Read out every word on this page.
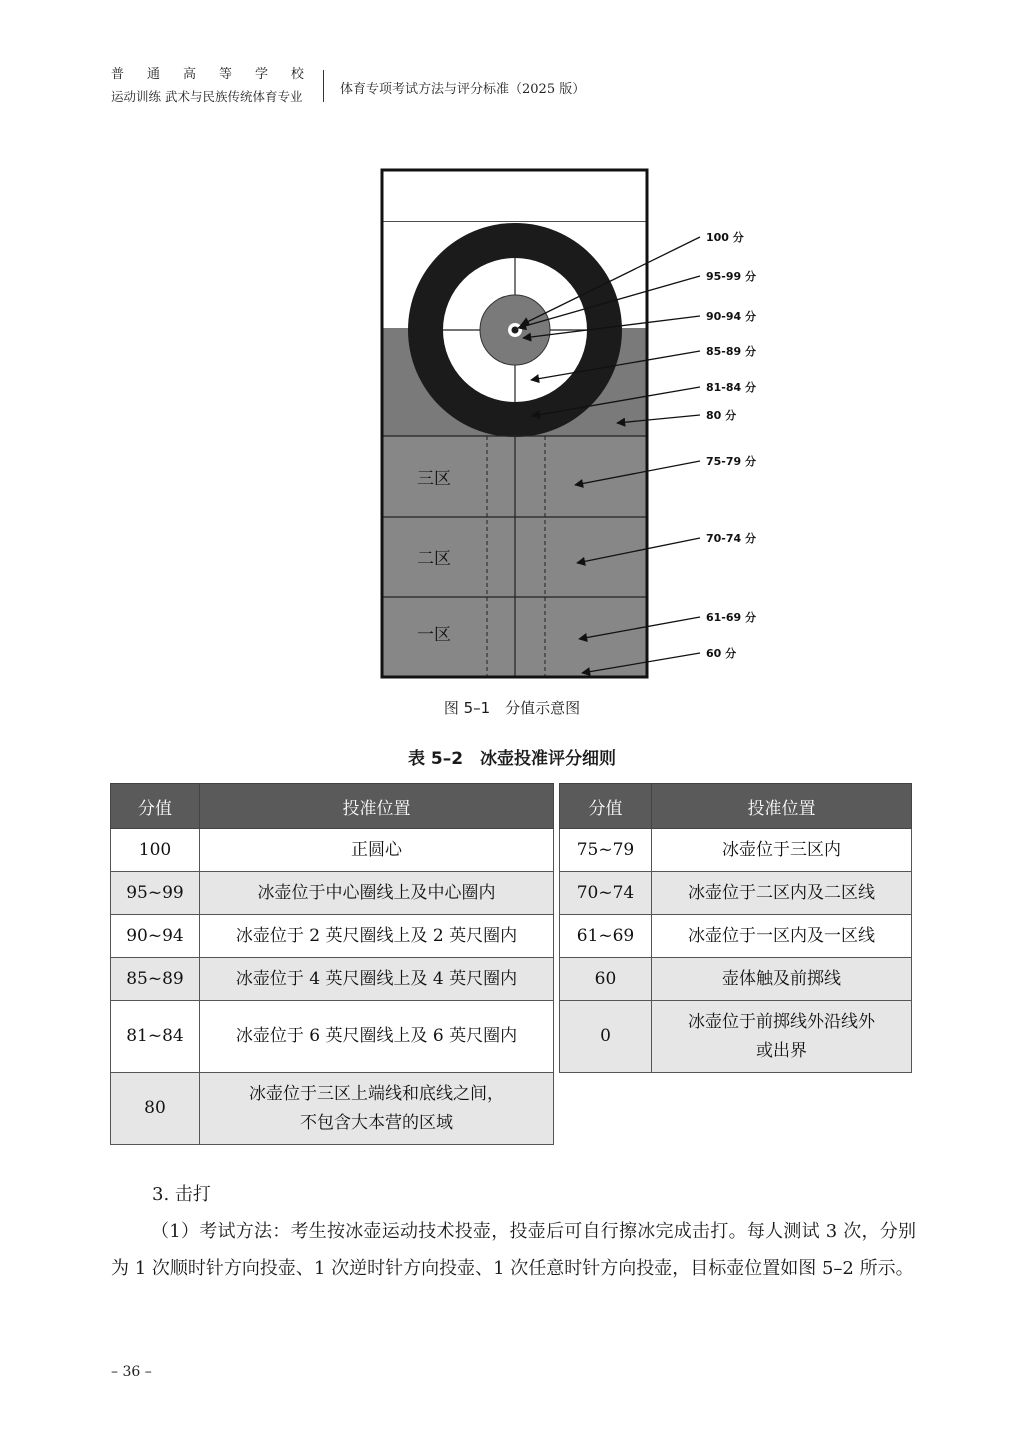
普 通 高 等 学 校
运动训练 武术与民族传统体育专业	体育专项考试方法与评分标准（2025 版）
三区
二区
一区
100 分
95-99 分
90-94 分
85-89 分
81-84 分
80 分
75-79 分
70-74 分
61-69 分
60 分
图 5–1　分值示意图
表 5–2　冰壶投准评分细则
分值	投准位置
100	正圆心
95~99	冰壶位于中心圈线上及中心圈内
90~94	冰壶位于 2 英尺圈线上及 2 英尺圈内
85~89	冰壶位于 4 英尺圈线上及 4 英尺圈内
81~84	冰壶位于 6 英尺圈线上及 6 英尺圈内
80	冰壶位于三区上端线和底线之间，
不包含大本营的区域
分值	投准位置
75~79	冰壶位于三区内
70~74	冰壶位于二区内及二区线
61~69	冰壶位于一区内及一区线
60	壶体触及前掷线
0	冰壶位于前掷线外沿线外
或出界
3. 击打
（1）考试方法：考生按冰壶运动技术投壶，投壶后可自行擦冰完成击打。每人测试 3 次，分别为 1 次顺时针方向投壶、1 次逆时针方向投壶、1 次任意时针方向投壶，目标壶位置如图 5–2 所示。
– 36 –
